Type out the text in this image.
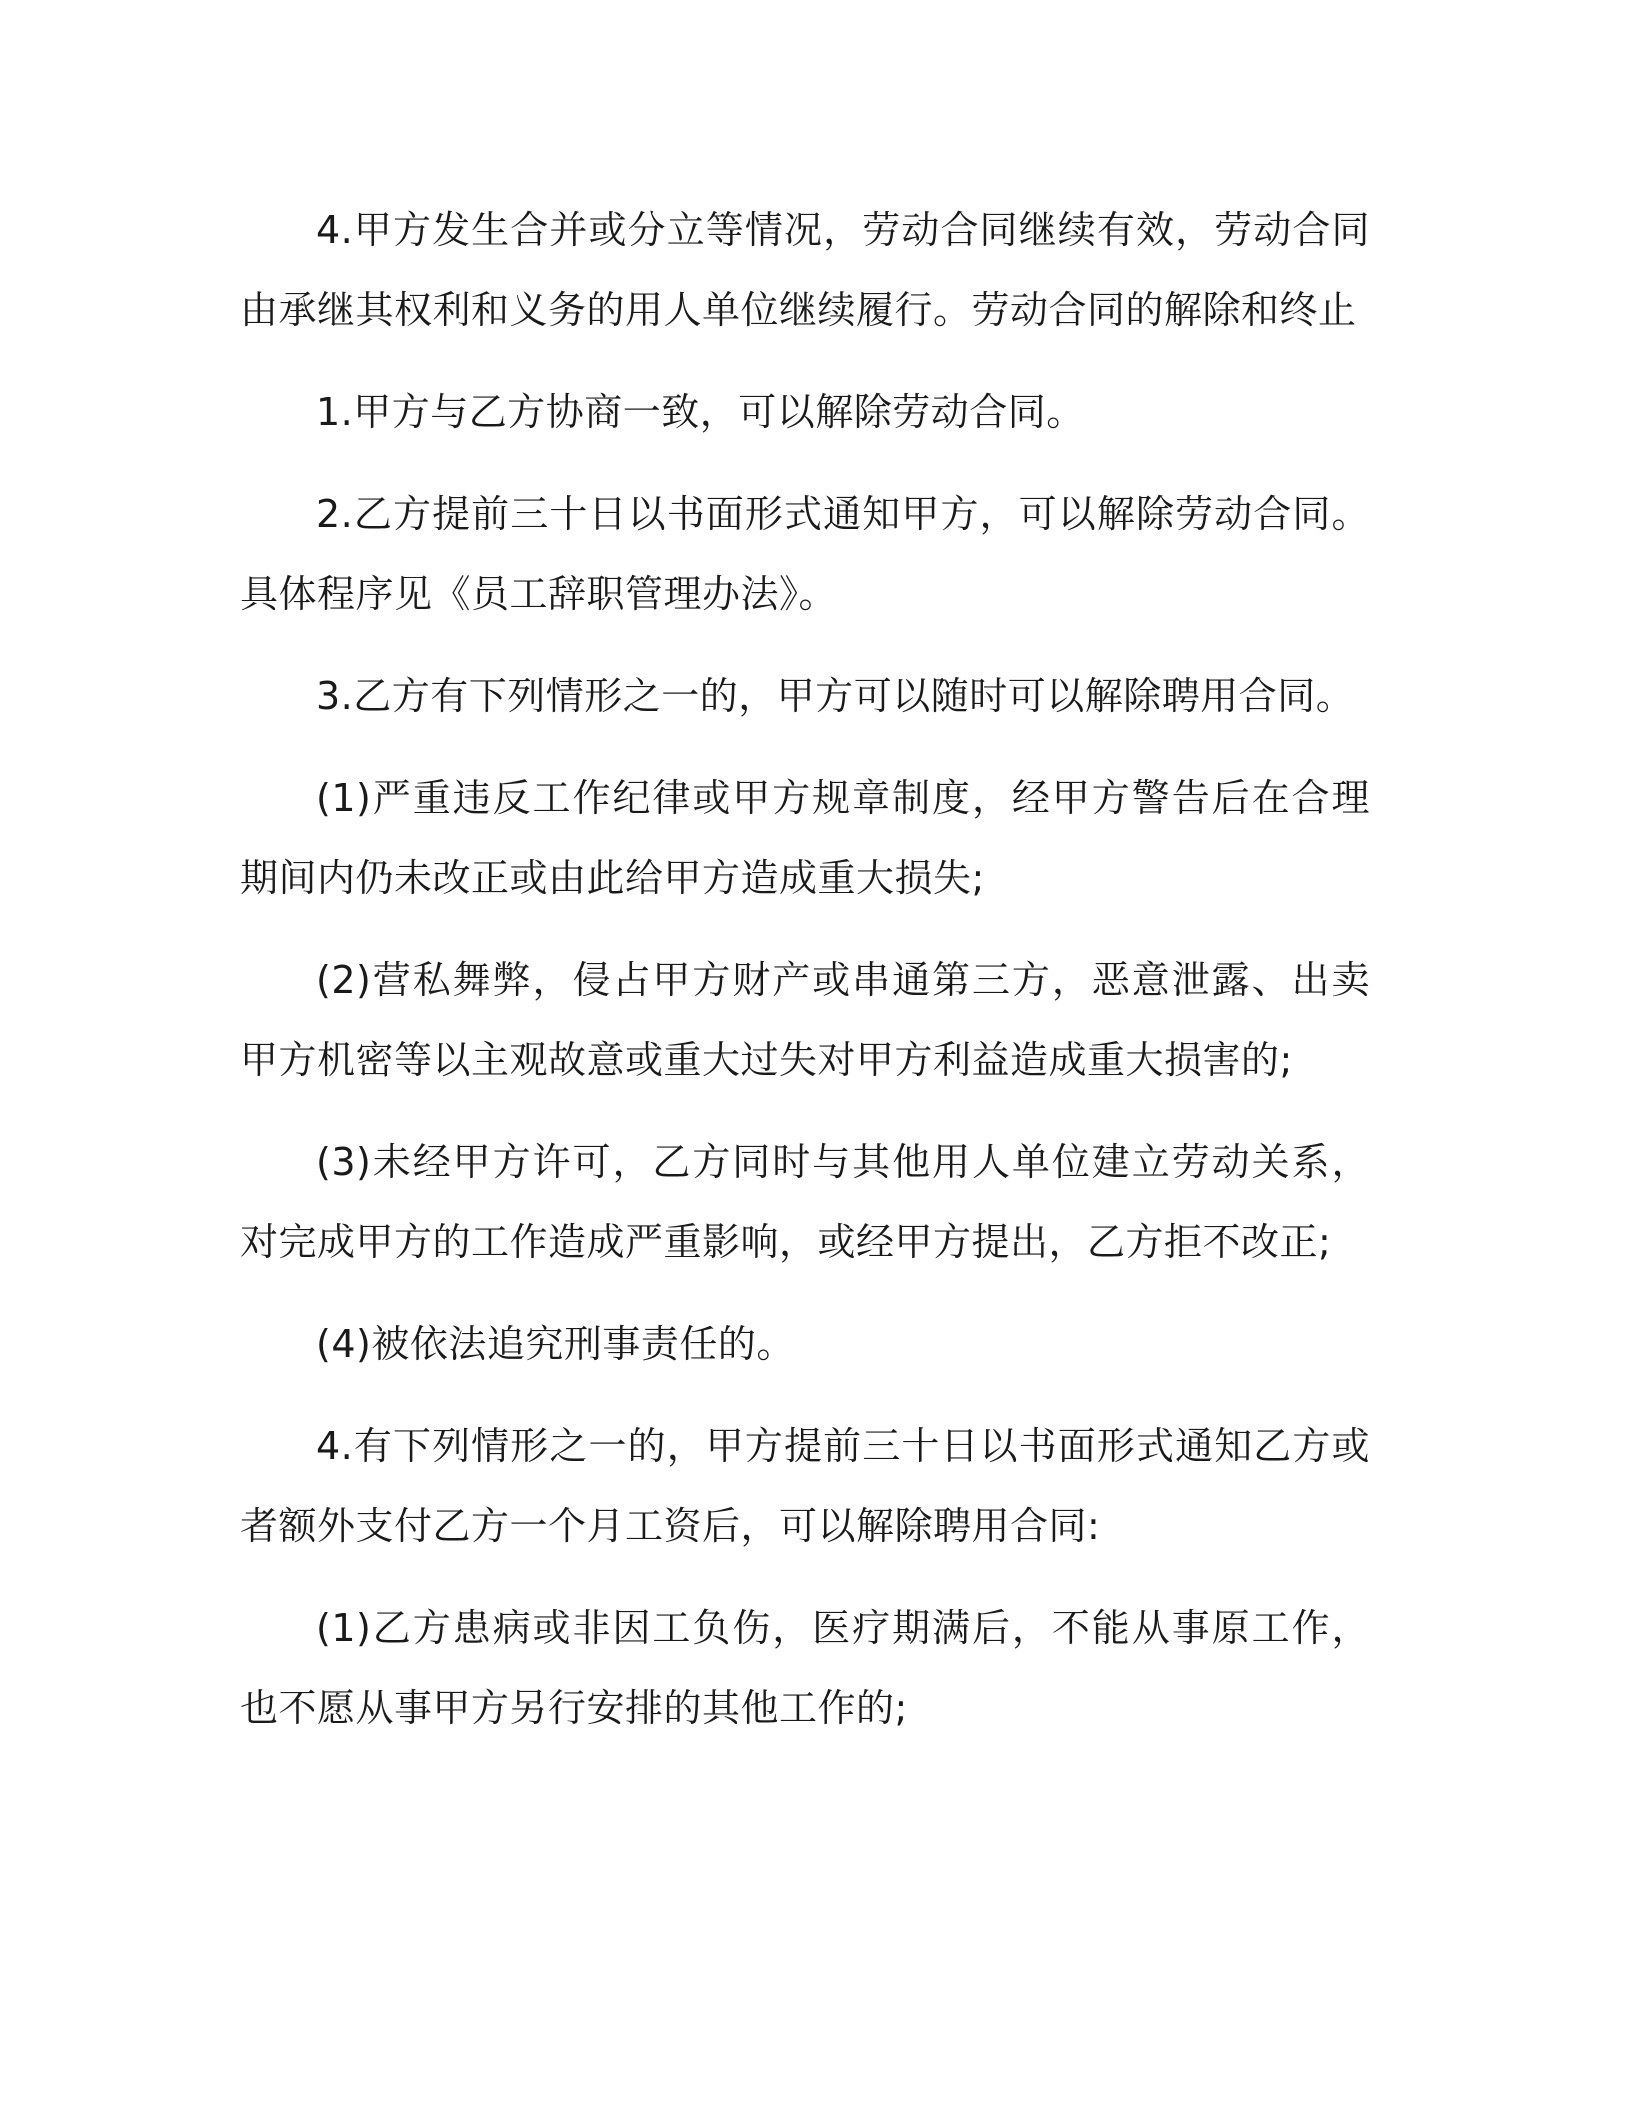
4.甲方发生合并或分立等情况，劳动合同继续有效，劳动合同由承继其权利和义务的用人单位继续履行。劳动合同的解除和终止

1.甲方与乙方协商一致，可以解除劳动合同。

2.乙方提前三十日以书面形式通知甲方，可以解除劳动合同。具体程序见《员工辞职管理办法》。

3.乙方有下列情形之一的，甲方可以随时可以解除聘用合同。

(1)严重违反工作纪律或甲方规章制度，经甲方警告后在合理期间内仍未改正或由此给甲方造成重大损失;

(2)营私舞弊，侵占甲方财产或串通第三方，恶意泄露、出卖甲方机密等以主观故意或重大过失对甲方利益造成重大损害的;

(3)未经甲方许可，乙方同时与其他用人单位建立劳动关系，对完成甲方的工作造成严重影响，或经甲方提出，乙方拒不改正;

(4)被依法追究刑事责任的。

4.有下列情形之一的，甲方提前三十日以书面形式通知乙方或者额外支付乙方一个月工资后，可以解除聘用合同:

(1)乙方患病或非因工负伤，医疗期满后，不能从事原工作，也不愿从事甲方另行安排的其他工作的;
